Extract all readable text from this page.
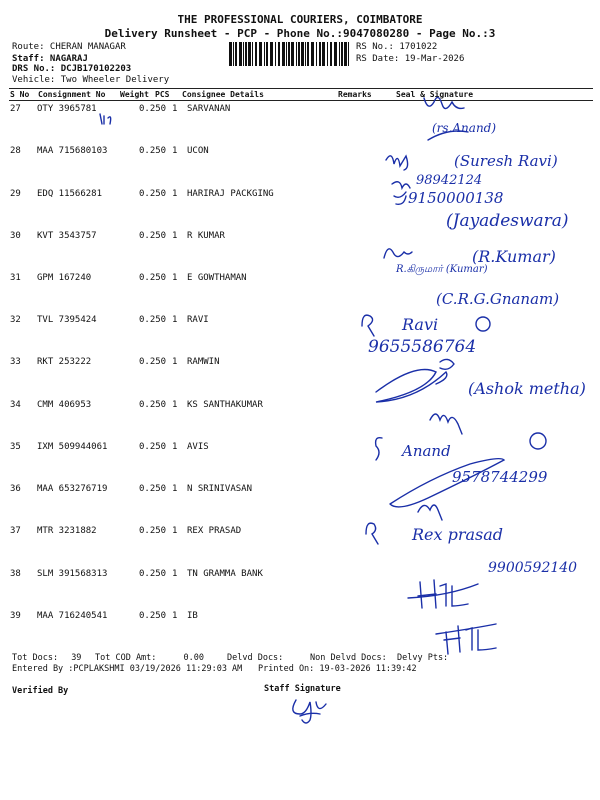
THE PROFESSIONAL COURIERS, COIMBATORE
Delivery Runsheet - PCP - Phone No.:9047080280 - Page No.:3
Route: CHERAN MANAGAR
Staff: NAGARAJ
DRS No.: DCJB170102203
Vehicle: Two Wheeler Delivery
RS No.: 1701022
RS Date: 19-Mar-2026
S No Consignment No Weight PCS Consignee Details	Remarks	Seal & Signature
27 OTY 3965781	0.250 1 SARVANAN
28 MAA 715680103	0.250 1 UCON
29 EDQ 11566281	0.250 1 HARIRAJ PACKGING
30 KVT 3543757	0.250 1 R KUMAR
31 GPM 167240	0.250 1 E GOWTHAMAN
32 TVL 7395424	0.250 1 RAVI
33 RKT 253222	0.250 1 RAMWIN
34 CMM 406953	0.250 1 KS SANTHAKUMAR
35 IXM 509944061	0.250 1 AVIS
36 MAA 653276719	0.250 1 N SRINIVASAN
37 MTR 3231882	0.250 1 REX PRASAD
38 SLM 391568313	0.250 1 TN GRAMMA BANK
39 MAA 716240541	0.250 1 IB
(rs.Anand)
(Suresh Ravi)
98942124
9150000138
(Jayadeswara)
(R.Kumar)
R.கிருமார் (Kumar)
(C.R.G.Gnanam)
Ravi
9655586764
(Ashok metha)
Anand
9578744299
Rex prasad
9900592140
Tot Docs: 39 Tot COD Amt:	0.00	Delvd Docs:	Non Delvd Docs: Delvy Pts:
Entered By :PCPLAKSHMI 03/19/2026 11:29:03 AM Printed On: 19-03-2026 11:39:42
Verified By	Staff Signature
